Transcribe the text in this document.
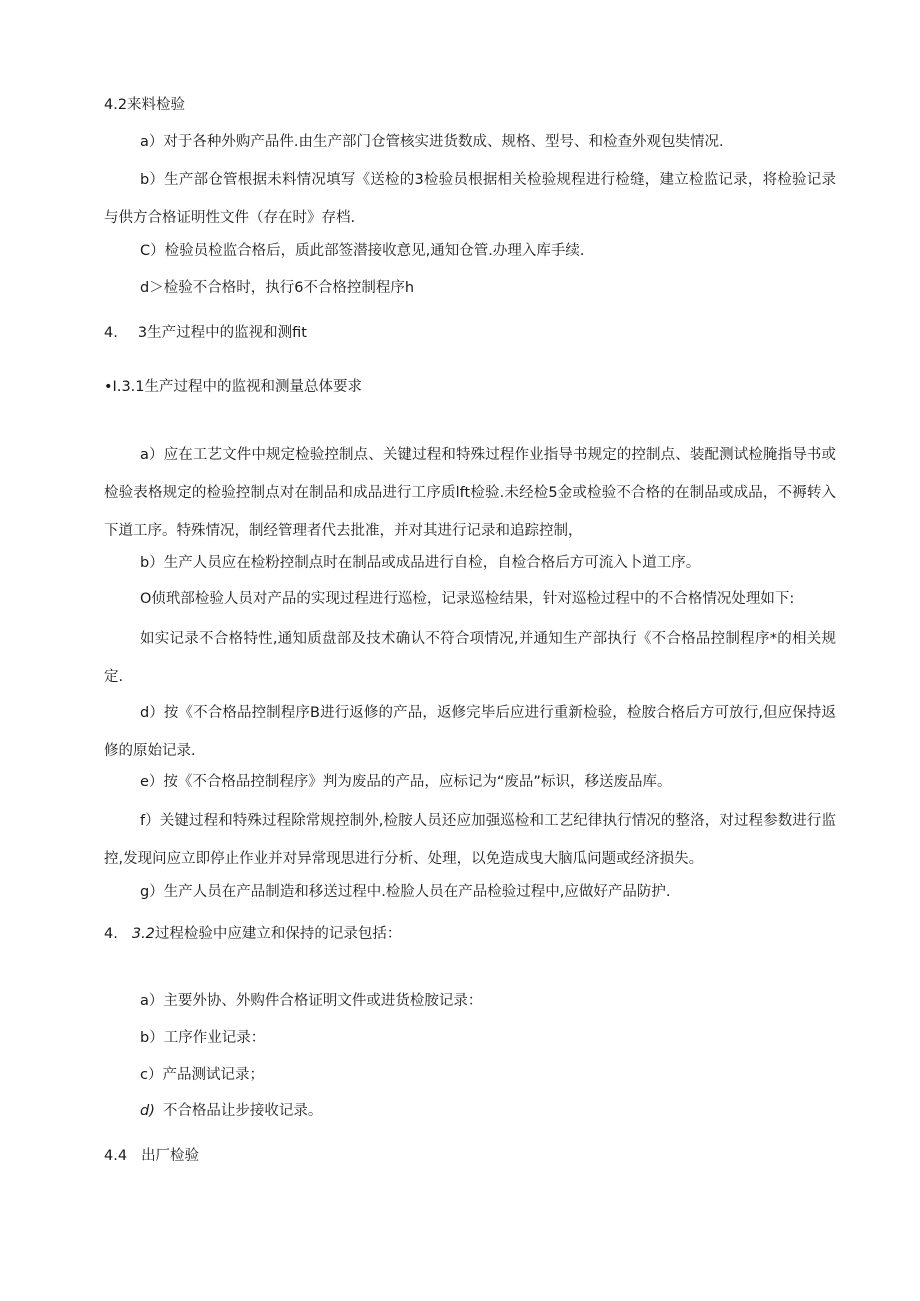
4.2来料检验
a）对于各种外购产品件.由生产部门仓管核实进货数成、规格、型号、和检查外观包奘情况.
b）生产部仓管根据未料情况填写《送检的3检验员根据相关检验规程进行检缝，建立检监记录，将检验记录与供方合格证明性文件（存在时》存档.
C）检验员检监合格后，质此部签潜接收意见,通知仓管.办理入库手续.
d＞检验不合格时，执行6不合格控制程序h
4. 3生产过程中的监视和测fit
•I.3.1生产过程中的监视和测量总体要求
a）应在工艺文件中规定检验控制点、关键过程和特殊过程作业指导书规定的控制点、装配测试检腌指导书或检验表格规定的检验控制点对在制品和成品进行工序质lft检验.未经检5金或检验不合格的在制品或成品，不褥转入下道工序。特殊情况，制经管理者代去批准，并对其进行记录和追踪控制，
b）生产人员应在检粉控制点时在制品或成品进行自检，自检合格后方可流入卜道工序。
O侦玳部检验人员对产品的实现过程进行巡检，记录巡检结果，针对巡检过程中的不合格情况处理如下:
如实记录不合格特性,通知质盘部及技术确认不符合项情况,并通知生产部执行《不合格品控制程序*的相关规定.
d）按《不合格品控制程序B进行返修的产品，返修完毕后应进行重新检验，检胺合格后方可放行,但应保持返修的原始记录.
e）按《不合格品控制程序》判为废品的产品，应标记为“废品”标识，移送废品库。
f）关键过程和特殊过程除常规控制外,检胺人员还应加强巡检和工艺纪律执行情况的整洛，对过程参数进行监控,发现问应立即停止作业并对异常现思进行分析、处理，以免造成曳大脑瓜问题或经济损失。
g）生产人员在产品制造和移送过程中.检脸人员在产品检验过程中,应做好产品防护.
4. 3.2过程检验中应建立和保持的记录包括：
a）主要外协、外购件合格证明文件或进货检胺记录：
b）工序作业记录：
c）产品测试记录；
d) 不合格品让步接收记录。
4.4 出厂检验
